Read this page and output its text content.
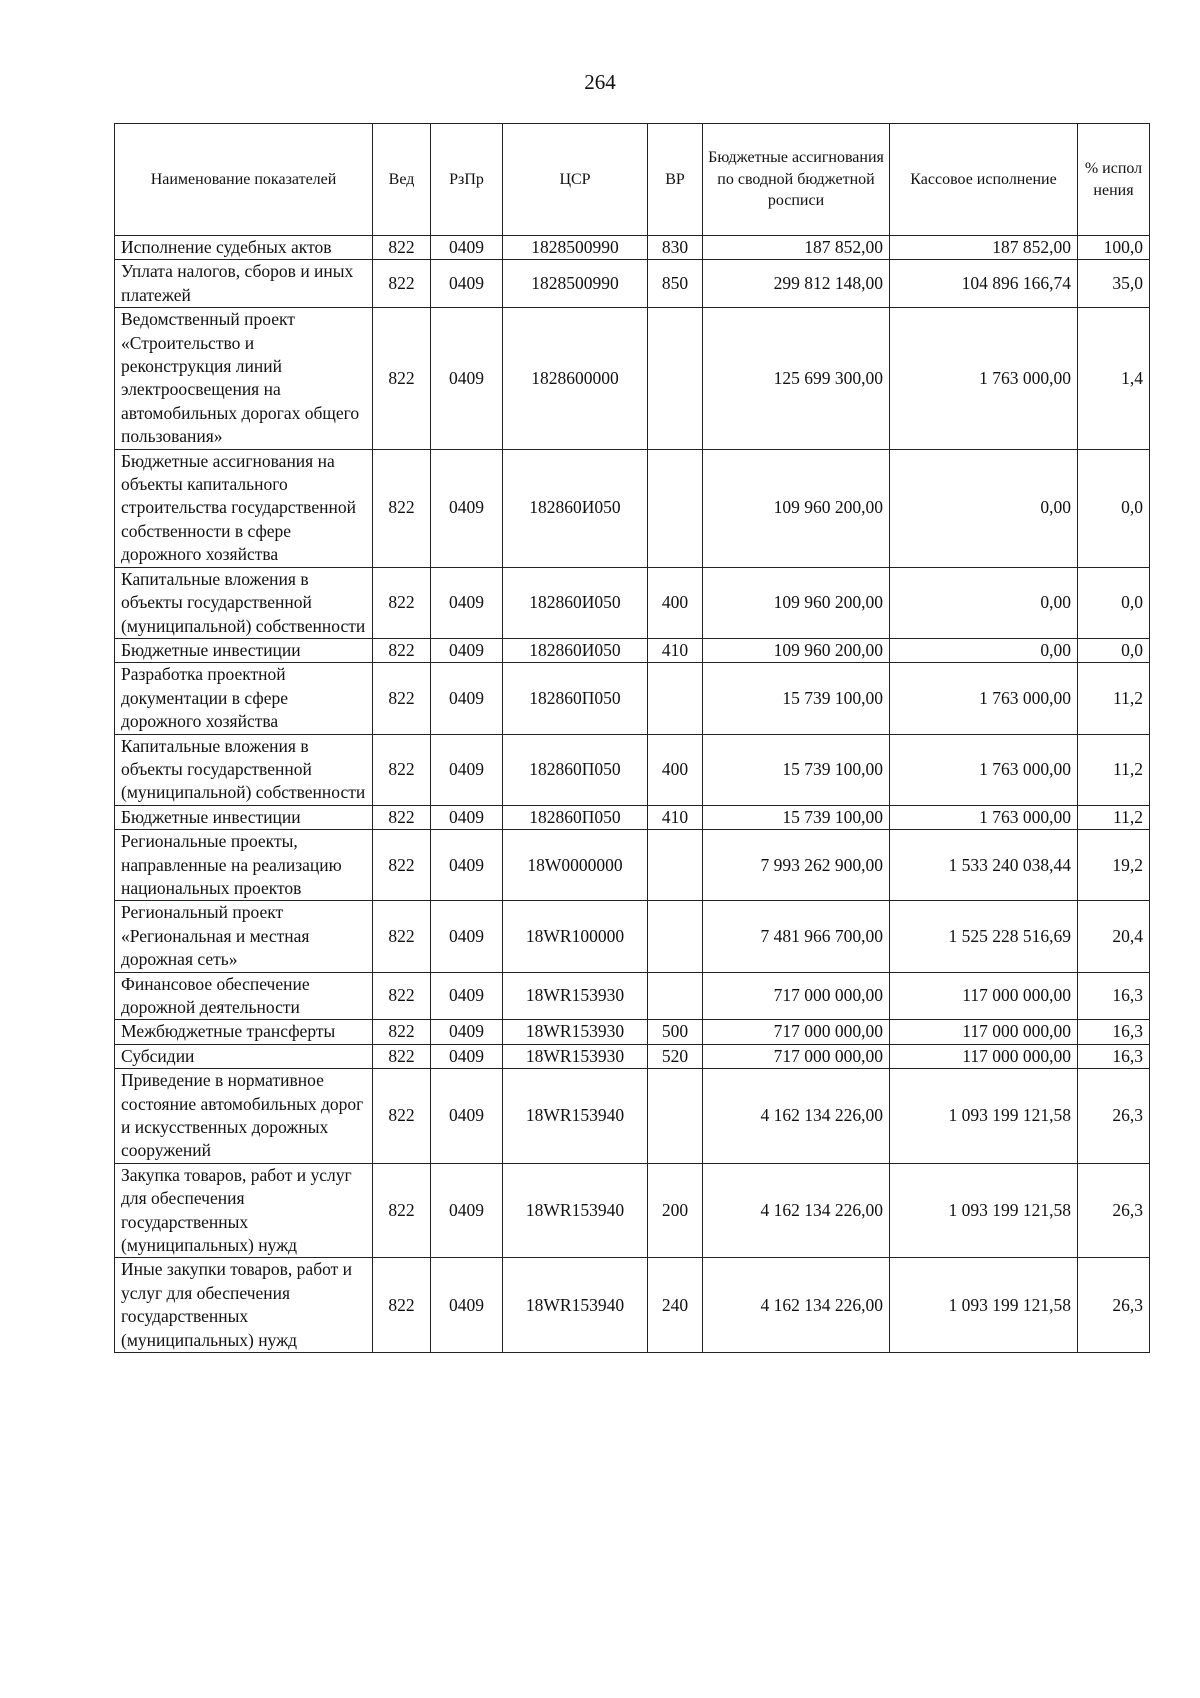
264
Наименование показателей	Вед	РзПр	ЦСР	ВР	Бюджетные ассигнования по сводной бюджетной росписи	Кассовое исполнение	% испол нения
Исполнение судебных актов	822	0409	1828500990	830	187 852,00	187 852,00	100,0
Уплата налогов, сборов и иных платежей	822	0409	1828500990	850	299 812 148,00	104 896 166,74	35,0
Ведомственный проект «Строительство и реконструкция линий электроосвещения на автомобильных дорогах общего пользования»	822	0409	1828600000		125 699 300,00	1 763 000,00	1,4
Бюджетные ассигнования на объекты капитального строительства государственной собственности в сфере дорожного хозяйства	822	0409	182860И050		109 960 200,00	0,00	0,0
Капитальные вложения в объекты государственной (муниципальной) собственности	822	0409	182860И050	400	109 960 200,00	0,00	0,0
Бюджетные инвестиции	822	0409	182860И050	410	109 960 200,00	0,00	0,0
Разработка проектной документации в сфере дорожного хозяйства	822	0409	182860П050		15 739 100,00	1 763 000,00	11,2
Капитальные вложения в объекты государственной (муниципальной) собственности	822	0409	182860П050	400	15 739 100,00	1 763 000,00	11,2
Бюджетные инвестиции	822	0409	182860П050	410	15 739 100,00	1 763 000,00	11,2
Региональные проекты, направленные на реализацию национальных проектов	822	0409	18W0000000		7 993 262 900,00	1 533 240 038,44	19,2
Региональный проект «Региональная и местная дорожная сеть»	822	0409	18WR100000		7 481 966 700,00	1 525 228 516,69	20,4
Финансовое обеспечение дорожной деятельности	822	0409	18WR153930		717 000 000,00	117 000 000,00	16,3
Межбюджетные трансферты	822	0409	18WR153930	500	717 000 000,00	117 000 000,00	16,3
Субсидии	822	0409	18WR153930	520	717 000 000,00	117 000 000,00	16,3
Приведение в нормативное состояние автомобильных дорог и искусственных дорожных сооружений	822	0409	18WR153940		4 162 134 226,00	1 093 199 121,58	26,3
Закупка товаров, работ и услуг для обеспечения государственных (муниципальных) нужд	822	0409	18WR153940	200	4 162 134 226,00	1 093 199 121,58	26,3
Иные закупки товаров, работ и услуг для обеспечения государственных (муниципальных) нужд	822	0409	18WR153940	240	4 162 134 226,00	1 093 199 121,58	26,3
